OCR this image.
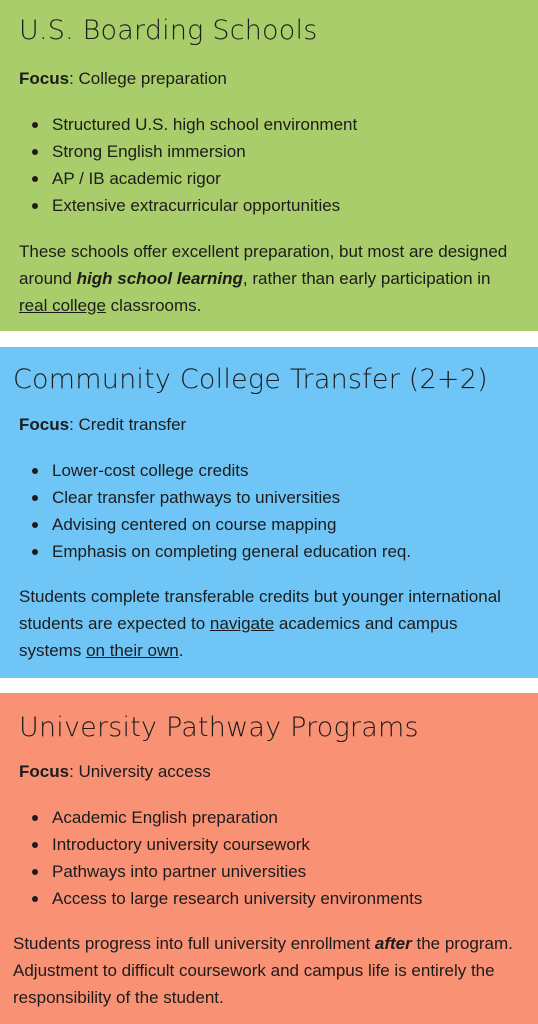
U.S. Boarding Schools

Focus: College preparation

Structured U.S. high school environment
Strong English immersion
AP / IB academic rigor
Extensive extracurricular opportunities

These schools offer excellent preparation, but most are designed around high school learning, rather than early participation in real college classrooms.

Community College Transfer (2+2)

Focus: Credit transfer

Lower-cost college credits
Clear transfer pathways to universities
Advising centered on course mapping
Emphasis on completing general education req.

Students complete transferable credits but younger international students are expected to navigate academics and campus systems on their own.

University Pathway Programs

Focus: University access

Academic English preparation
Introductory university coursework
Pathways into partner universities
Access to large research university environments

Students progress into full university enrollment after the program. Adjustment to difficult coursework and campus life is entirely the responsibility of the student.
